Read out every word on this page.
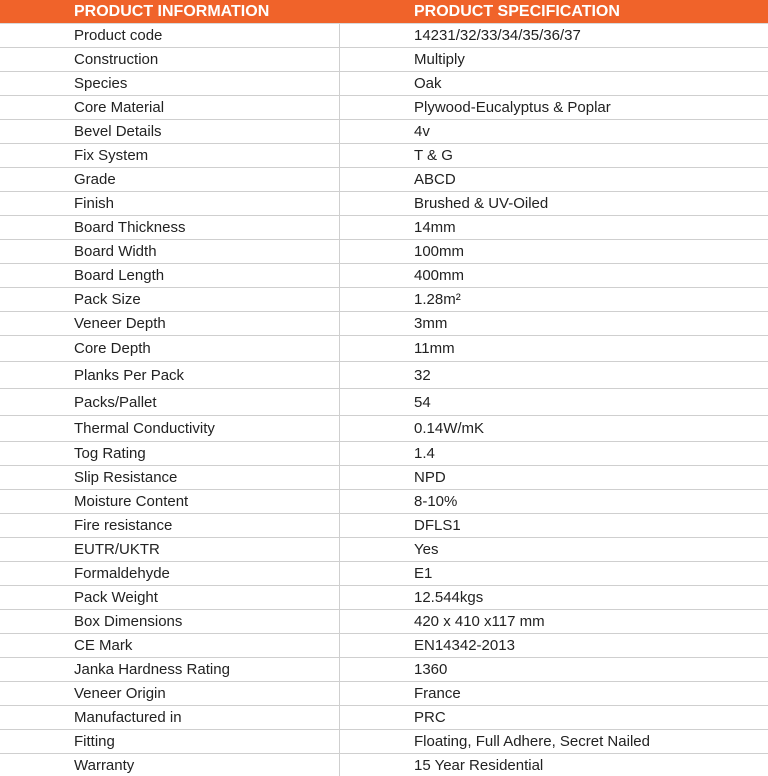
PRODUCT INFORMATION	PRODUCT SPECIFICATION
Product code	14231/32/33/34/35/36/37
Construction	Multiply
Species	Oak
Core Material	Plywood-Eucalyptus & Poplar
Bevel Details	4v
Fix System	T & G
Grade	ABCD
Finish	Brushed & UV-Oiled
Board Thickness	14mm
Board Width	100mm
Board Length	400mm
Pack Size	1.28m²
Veneer Depth	3mm
Core Depth	11mm
Planks Per Pack	32
Packs/Pallet	54
Thermal Conductivity	0.14W/mK
Tog Rating	1.4
Slip Resistance	NPD
Moisture Content	8-10%
Fire resistance	DFLS1
EUTR/UKTR	Yes
Formaldehyde	E1
Pack Weight	12.544kgs
Box Dimensions	420 x 410 x117 mm
CE Mark	EN14342-2013
Janka Hardness Rating	1360
Veneer Origin	France
Manufactured in	PRC
Fitting	Floating, Full Adhere, Secret Nailed
Warranty	15 Year Residential
